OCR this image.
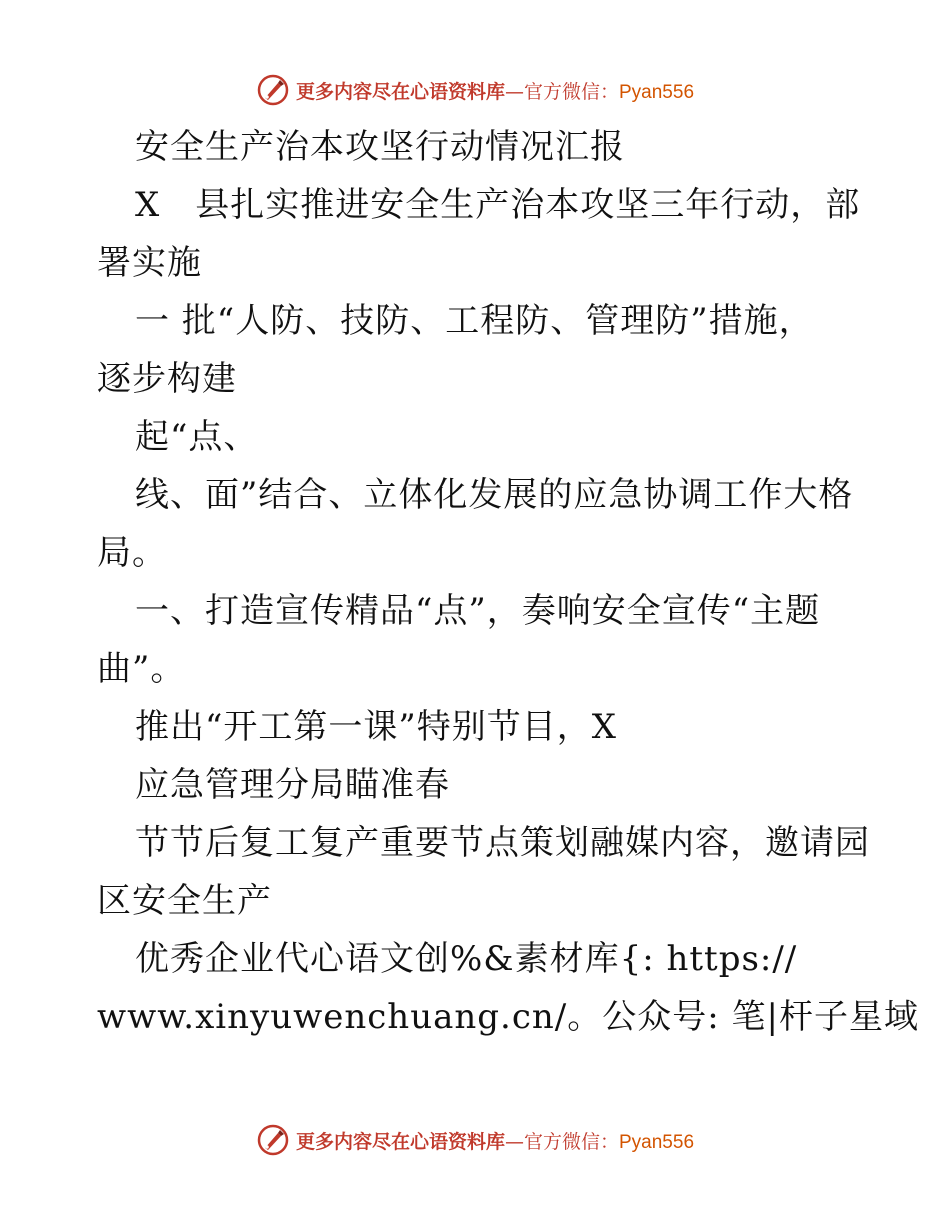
更多内容尽在心语资料库—官方微信：Pyan556
安全生产治本攻坚行动情况汇报
X　县扎实推进安全生产治本攻坚三年行动，部
署实施
一 批“人防、技防、工程防、管理防”措施，
逐步构建
起“点、
线、面”结合、立体化发展的应急协调工作大格
局。
一、打造宣传精品“点”，奏响安全宣传“主题
曲”。
推出“开工第一课”特别节目，X
应急管理分局瞄准春
节节后复工复产重要节点策划融媒内容，邀请园
区安全生产
优秀企业代心语文创%&素材库{: https://
www.xinyuwenchuang.cn/。公众号: 笔|杆子星域
更多内容尽在心语资料库—官方微信：Pyan556
